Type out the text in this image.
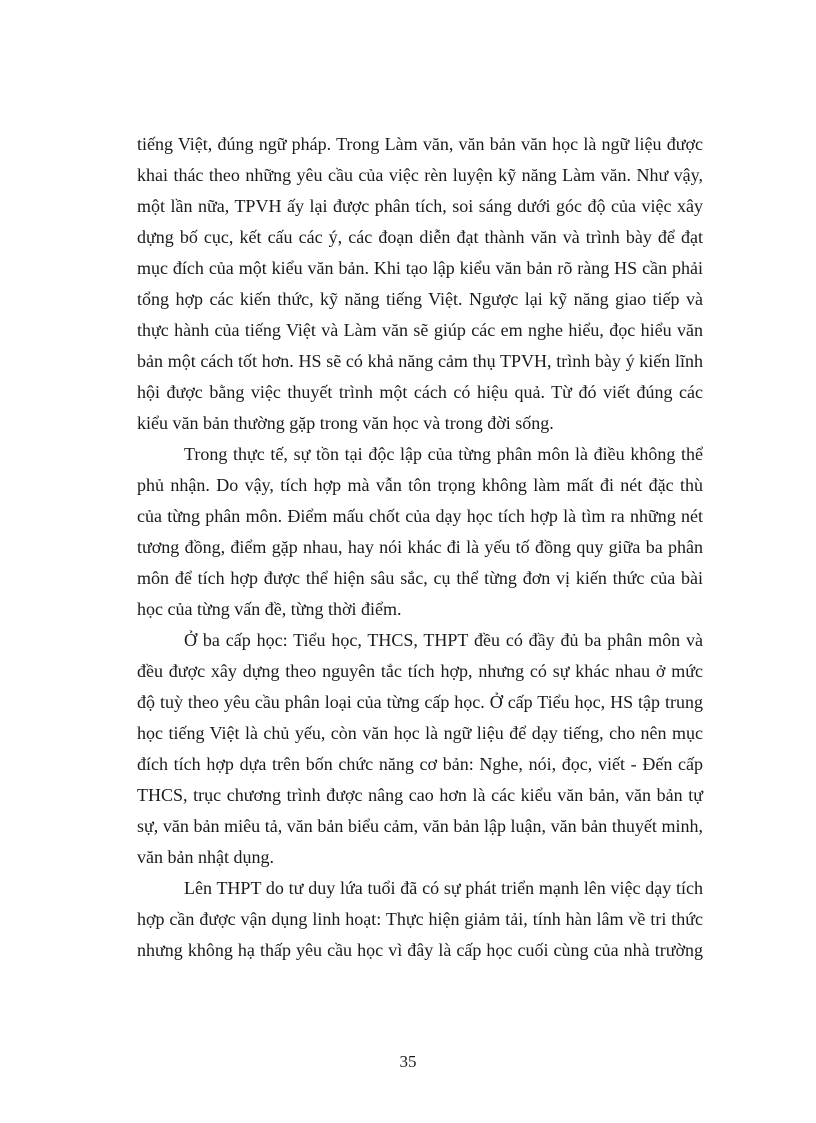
tiếng Việt, đúng ngữ pháp. Trong Làm văn, văn bản văn học là ngữ liệu được
khai thác theo những yêu cầu của việc rèn luyện kỹ năng Làm văn. Như vậy,
một lần nữa, TPVH ấy lại được phân tích, soi sáng dưới góc độ của việc xây
dựng bố cục, kết cấu các ý, các đoạn diễn đạt thành văn và trình bày để đạt
mục đích của một kiểu văn bản. Khi tạo lập kiểu văn bản rõ ràng HS cần phải
tổng hợp các kiến thức, kỹ năng tiếng Việt. Ngược lại kỹ năng giao tiếp và
thực hành của tiếng Việt và Làm văn sẽ giúp các em nghe hiểu, đọc hiểu văn
bản một cách tốt hơn. HS sẽ có khả năng cảm thụ TPVH, trình bày ý kiến lĩnh
hội được bằng việc thuyết trình một cách có hiệu quả. Từ đó viết đúng các
kiểu văn bản thường gặp trong văn học và trong đời sống.
Trong thực tế, sự tồn tại độc lập của từng phân môn là điều không thể
phủ nhận. Do vậy, tích hợp mà vẫn tôn trọng không làm mất đi nét đặc thù
của từng phân môn. Điểm mấu chốt của dạy học tích hợp là tìm ra những nét
tương đồng, điểm gặp nhau, hay nói khác đi là yếu tố đồng quy giữa ba phân
môn để tích hợp được thể hiện sâu sắc, cụ thể từng đơn vị kiến thức của bài
học của từng vấn đề, từng thời điểm.
Ở ba cấp học: Tiểu học, THCS, THPT đều có đầy đủ ba phân môn và
đều được xây dựng theo nguyên tắc tích hợp, nhưng có sự khác nhau ở mức
độ tuỳ theo yêu cầu phân loại của từng cấp học. Ở cấp Tiểu học, HS tập trung
học tiếng Việt là chủ yếu, còn văn học là ngữ liệu để dạy tiếng, cho nên mục
đích tích hợp dựa trên bốn chức năng cơ bản: Nghe, nói, đọc, viết - Đến cấp
THCS, trục chương trình được nâng cao hơn là các kiểu văn bản, văn bản tự
sự, văn bản miêu tả, văn bản biểu cảm, văn bản lập luận, văn bản thuyết minh,
văn bản nhật dụng.
Lên THPT do tư duy lứa tuổi đã có sự phát triển mạnh lên việc dạy tích
hợp cần được vận dụng linh hoạt: Thực hiện giảm tải, tính hàn lâm về tri thức
nhưng không hạ thấp yêu cầu học vì đây là cấp học cuối cùng của nhà trường
35
